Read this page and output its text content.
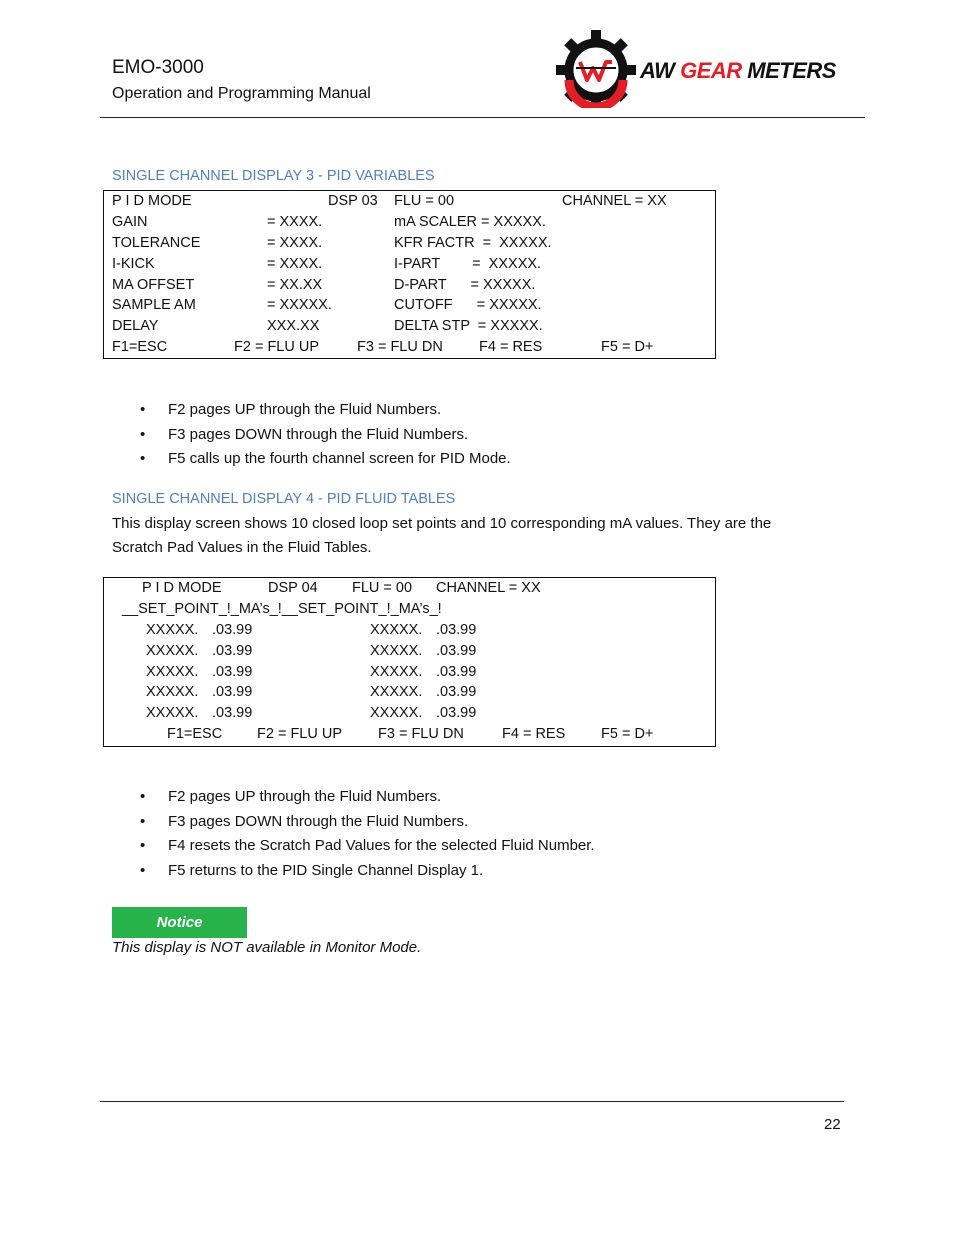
EMO-3000
Operation and Programming Manual
AW GEAR METERS
SINGLE CHANNEL DISPLAY 3 - PID VARIABLES
P I D MODE	DSP 03 FLU = 00	CHANNEL = XX
GAIN	= XXXX.	mA SCALER = XXXXX.
TOLERANCE	= XXXX.	KFR FACTR  =  XXXXX.
I-KICK	= XXXX.	I-PART        =  XXXXX.
MA OFFSET	= XX.XX	D-PART      = XXXXX.
SAMPLE AM	= XXXXX.	CUTOFF      = XXXXX.
DELAY	XXX.XX	DELTA STP  = XXXXX.
F1=ESC	F2 = FLU UP	F3 = FLU DN F4 = RES	F5 = D+
• F2 pages UP through the Fluid Numbers.
• F3 pages DOWN through the Fluid Numbers.
• F5 calls up the fourth channel screen for PID Mode.
SINGLE CHANNEL DISPLAY 4 - PID FLUID TABLES
This display screen shows 10 closed loop set points and 10 corresponding mA values. They are the
Scratch Pad Values in the Fluid Tables.
P I D MODE	DSP 04 FLU = 00 CHANNEL = XX
__SET_POINT_!_MA’s_!__SET_POINT_!_MA’s_!
XXXXX. .03.99	XXXXX. .03.99
XXXXX. .03.99	XXXXX. .03.99
XXXXX. .03.99	XXXXX. .03.99
XXXXX. .03.99	XXXXX. .03.99
XXXXX. .03.99	XXXXX. .03.99
F1=ESC F2 = FLU UP F3 = FLU DN	F4 = RES F5 = D+
• F2 pages UP through the Fluid Numbers.
• F3 pages DOWN through the Fluid Numbers.
• F4 resets the Scratch Pad Values for the selected Fluid Number.
• F5 returns to the PID Single Channel Display 1.
Notice
This display is NOT available in Monitor Mode.
22
